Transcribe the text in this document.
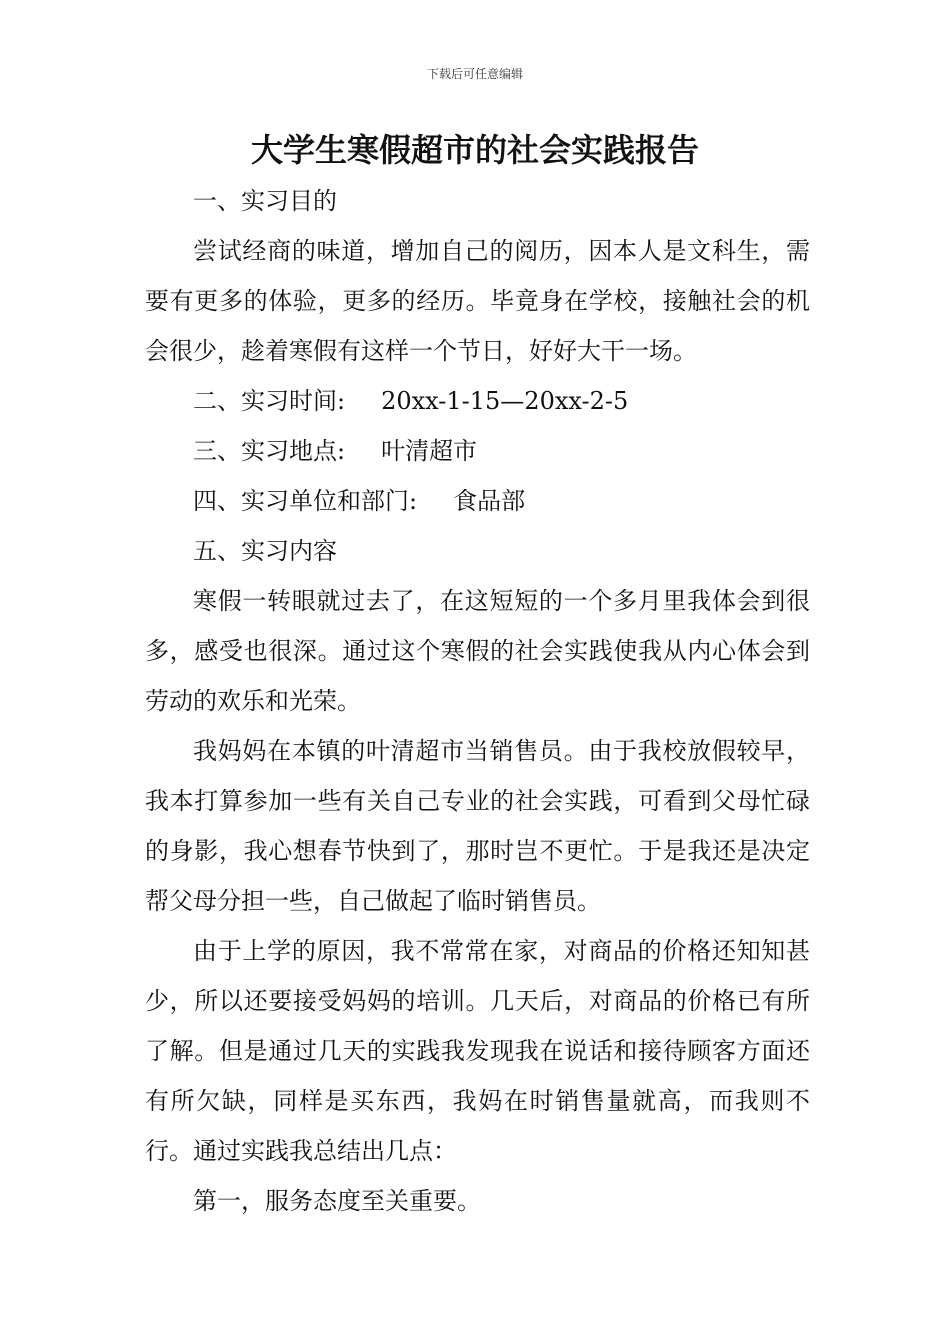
下载后可任意编辑
大学生寒假超市的社会实践报告

一、实习目的

尝试经商的味道，增加自己的阅历，因本人是文科生，需要有更多的体验，更多的经历。毕竟身在学校，接触社会的机会很少，趁着寒假有这样一个节日，好好大干一场。

二、实习时间: 20xx-1-15—20xx-2-5

三、实习地点: 叶清超市

四、实习单位和部门: 食品部

五、实习内容

寒假一转眼就过去了，在这短短的一个多月里我体会到很多，感受也很深。通过这个寒假的社会实践使我从内心体会到劳动的欢乐和光荣。

我妈妈在本镇的叶清超市当销售员。由于我校放假较早，我本打算参加一些有关自己专业的社会实践，可看到父母忙碌的身影，我心想春节快到了，那时岂不更忙。于是我还是决定帮父母分担一些，自己做起了临时销售员。

由于上学的原因，我不常常在家，对商品的价格还知知甚少，所以还要接受妈妈的培训。几天后，对商品的价格已有所了解。但是通过几天的实践我发现我在说话和接待顾客方面还有所欠缺，同样是买东西，我妈在时销售量就高，而我则不行。通过实践我总结出几点：

第一，服务态度至关重要。
